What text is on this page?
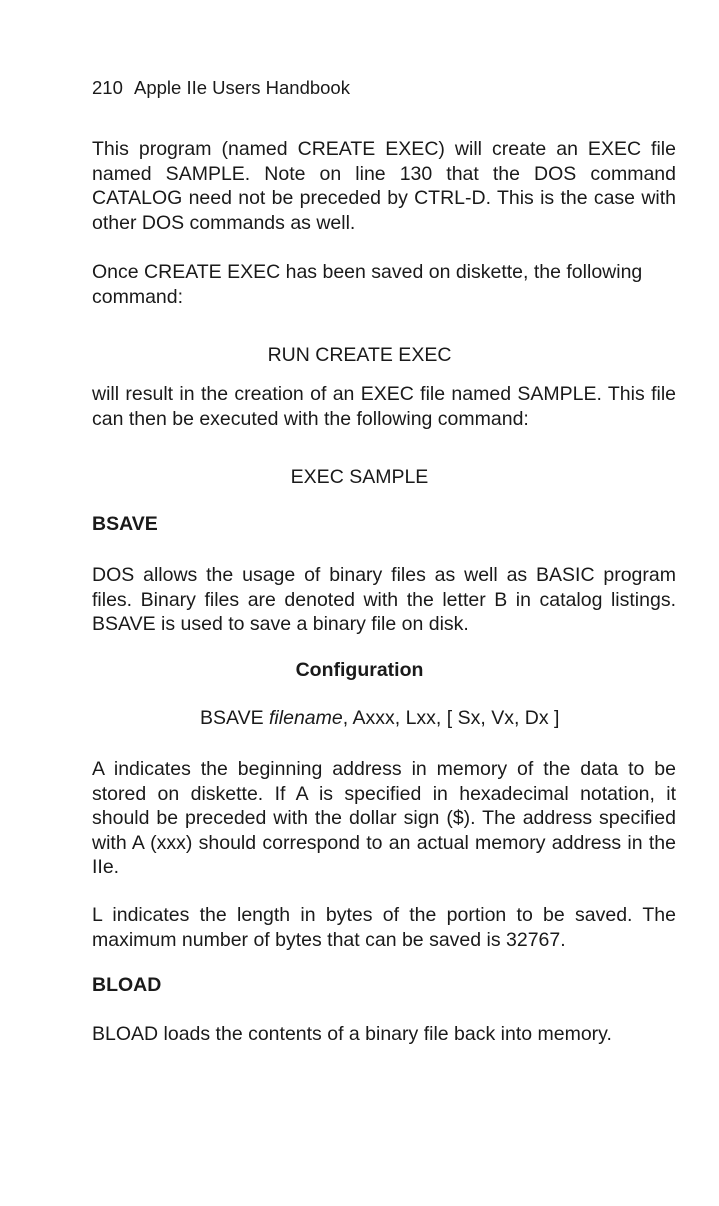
210 Apple IIe Users Handbook

This program (named CREATE EXEC) will create an EXEC file named SAMPLE. Note on line 130 that the DOS command CATALOG need not be preceded by CTRL-D. This is the case with other DOS commands as well.

Once CREATE EXEC has been saved on diskette, the following command:

RUN CREATE EXEC

will result in the creation of an EXEC file named SAMPLE. This file can then be executed with the following command:

EXEC SAMPLE
BSAVE

DOS allows the usage of binary files as well as BASIC program files. Binary files are denoted with the letter B in catalog listings. BSAVE is used to save a binary file on disk.

Configuration
BSAVE filename, Axxx, Lxx, [ Sx, Vx, Dx ]

A indicates the beginning address in memory of the data to be stored on diskette. If A is specified in hexadecimal notation, it should be preceded with the dollar sign ($). The address specified with A (xxx) should correspond to an actual memory address in the IIe.

L indicates the length in bytes of the portion to be saved. The maximum number of bytes that can be saved is 32767.

BLOAD

BLOAD loads the contents of a binary file back into memory.
